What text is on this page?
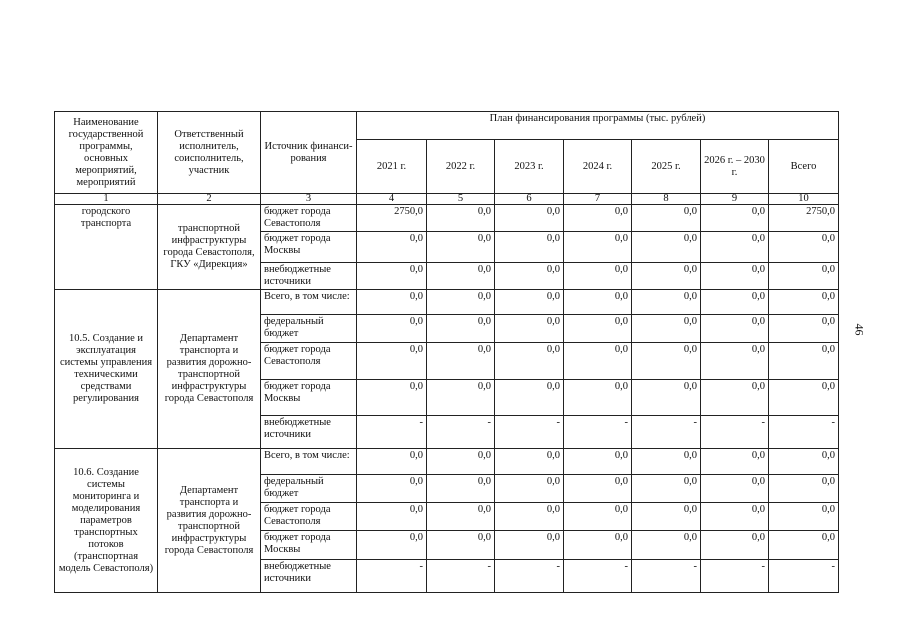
46
Наименование государственной программы, основных мероприятий, мероприятий	Ответственный исполнитель, соисполнитель, участник	Источник финанси-рования	План финансирования программы (тыс. рублей)						
			2021 г.	2022 г.	2023 г.	2024 г.	2025 г.	2026 г. – 2030 г.	Всего
1	2	3	4	5	6	7	8	9	10
городского транспорта	транспортной инфраструктуры города Севастополя, ГКУ «Дирекция»	бюджет города Севастополя	2750,0	0,0	0,0	0,0	0,0	0,0	2750,0
		бюджет города Москвы	0,0	0,0	0,0	0,0	0,0	0,0	0,0
		внебюджетные источники	0,0	0,0	0,0	0,0	0,0	0,0	0,0
10.5. Создание и эксплуатация системы управления техническими средствами регулирования	Департамент транспорта и развития дорожно-транспортной инфраструктуры города Севастополя	Всего, в том числе:	0,0	0,0	0,0	0,0	0,0	0,0	0,0
		федеральный бюджет	0,0	0,0	0,0	0,0	0,0	0,0	0,0
		бюджет города Севастополя	0,0	0,0	0,0	0,0	0,0	0,0	0,0
		бюджет города Москвы	0,0	0,0	0,0	0,0	0,0	0,0	0,0
		внебюджетные источники	-	-	-	-	-	-	-
10.6. Создание системы мониторинга и моделирования параметров транспортных потоков (транспортная модель Севастополя)	Департамент транспорта и развития дорожно-транспортной инфраструктуры города Севастополя	Всего, в том числе:	0,0	0,0	0,0	0,0	0,0	0,0	0,0
		федеральный бюджет	0,0	0,0	0,0	0,0	0,0	0,0	0,0
		бюджет города Севастополя	0,0	0,0	0,0	0,0	0,0	0,0	0,0
		бюджет города Москвы	0,0	0,0	0,0	0,0	0,0	0,0	0,0
		внебюджетные источники	-	-	-	-	-	-	-
